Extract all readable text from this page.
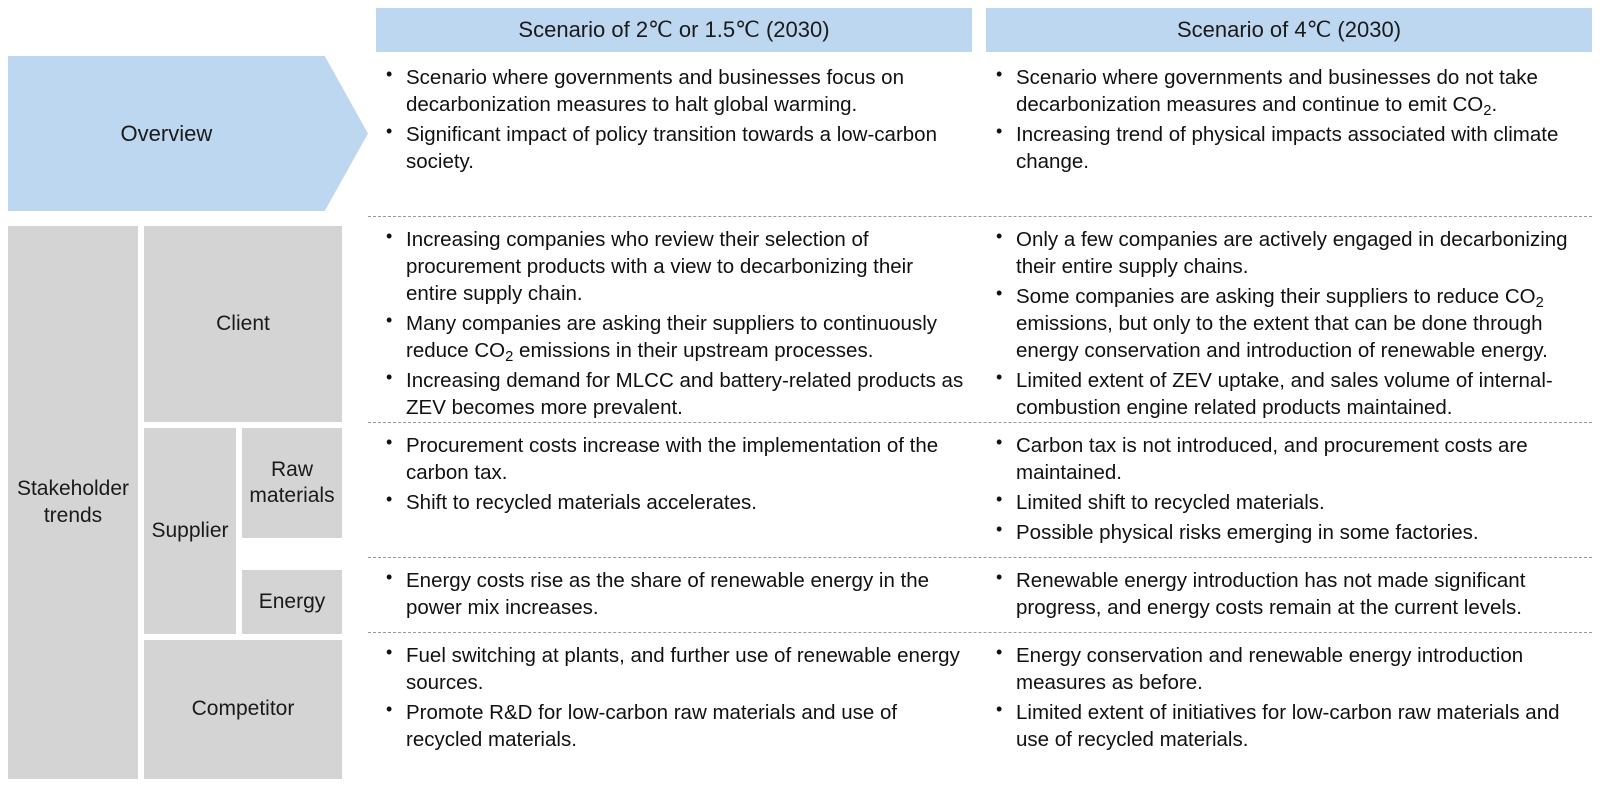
Scenario of 2℃ or 1.5℃ (2030)	Scenario of 4℃ (2030)
Overview
Stakeholder trends
Client
Supplier
Raw materials
Energy
Competitor
• Scenario where governments and businesses focus on decarbonization measures to halt global warming.
• Significant impact of policy transition towards a low-carbon society.
• Scenario where governments and businesses do not take decarbonization measures and continue to emit $CO_2$.
• Increasing trend of physical impacts associated with climate change.
• Increasing companies who review their selection of procurement products with a view to decarbonizing their entire supply chain.
• Many companies are asking their suppliers to continuously reduce $CO_2$ emissions in their upstream processes.
• Increasing demand for MLCC and battery-related products as ZEV becomes more prevalent.
• Only a few companies are actively engaged in decarbonizing their entire supply chains.
• Some companies are asking their suppliers to reduce $CO_2$ emissions, but only to the extent that can be done through energy conservation and introduction of renewable energy.
• Limited extent of ZEV uptake, and sales volume of internal-combustion engine related products maintained.
• Procurement costs increase with the implementation of the carbon tax.
• Shift to recycled materials accelerates.
• Carbon tax is not introduced, and procurement costs are maintained.
• Limited shift to recycled materials.
• Possible physical risks emerging in some factories.
• Energy costs rise as the share of renewable energy in the power mix increases.
• Renewable energy introduction has not made significant progress, and energy costs remain at the current levels.
• Fuel switching at plants, and further use of renewable energy sources.
• Promote R&D for low-carbon raw materials and use of recycled materials.
• Energy conservation and renewable energy introduction measures as before.
• Limited extent of initiatives for low-carbon raw materials and use of recycled materials.
